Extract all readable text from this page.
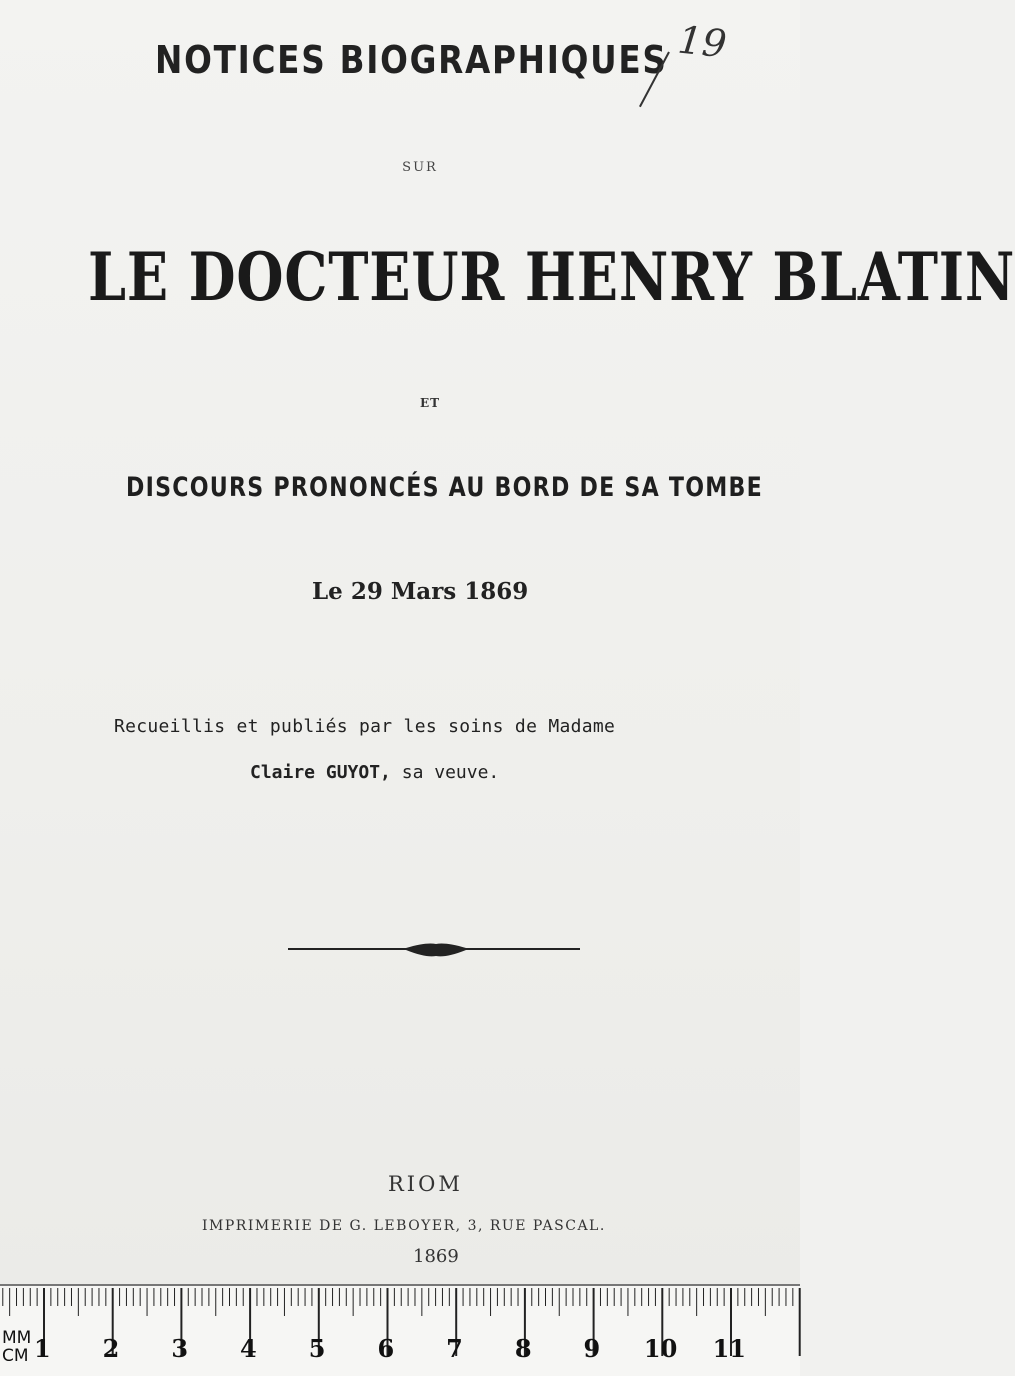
NOTICES BIOGRAPHIQUES 19
SUR
LE DOCTEUR HENRY BLATIN
ET
DISCOURS PRONONCÉS AU BORD DE SA TOMBE
Le 29 Mars 1869
Recueillis et publiés par les soins de Madame
Claire GUYOT, sa veuve.
RIOM
IMPRIMERIE DE G. LEBOYER, 3, RUE PASCAL.
1869
MM
CM 1 2 3 4 5 6 7 8 9 10 11
